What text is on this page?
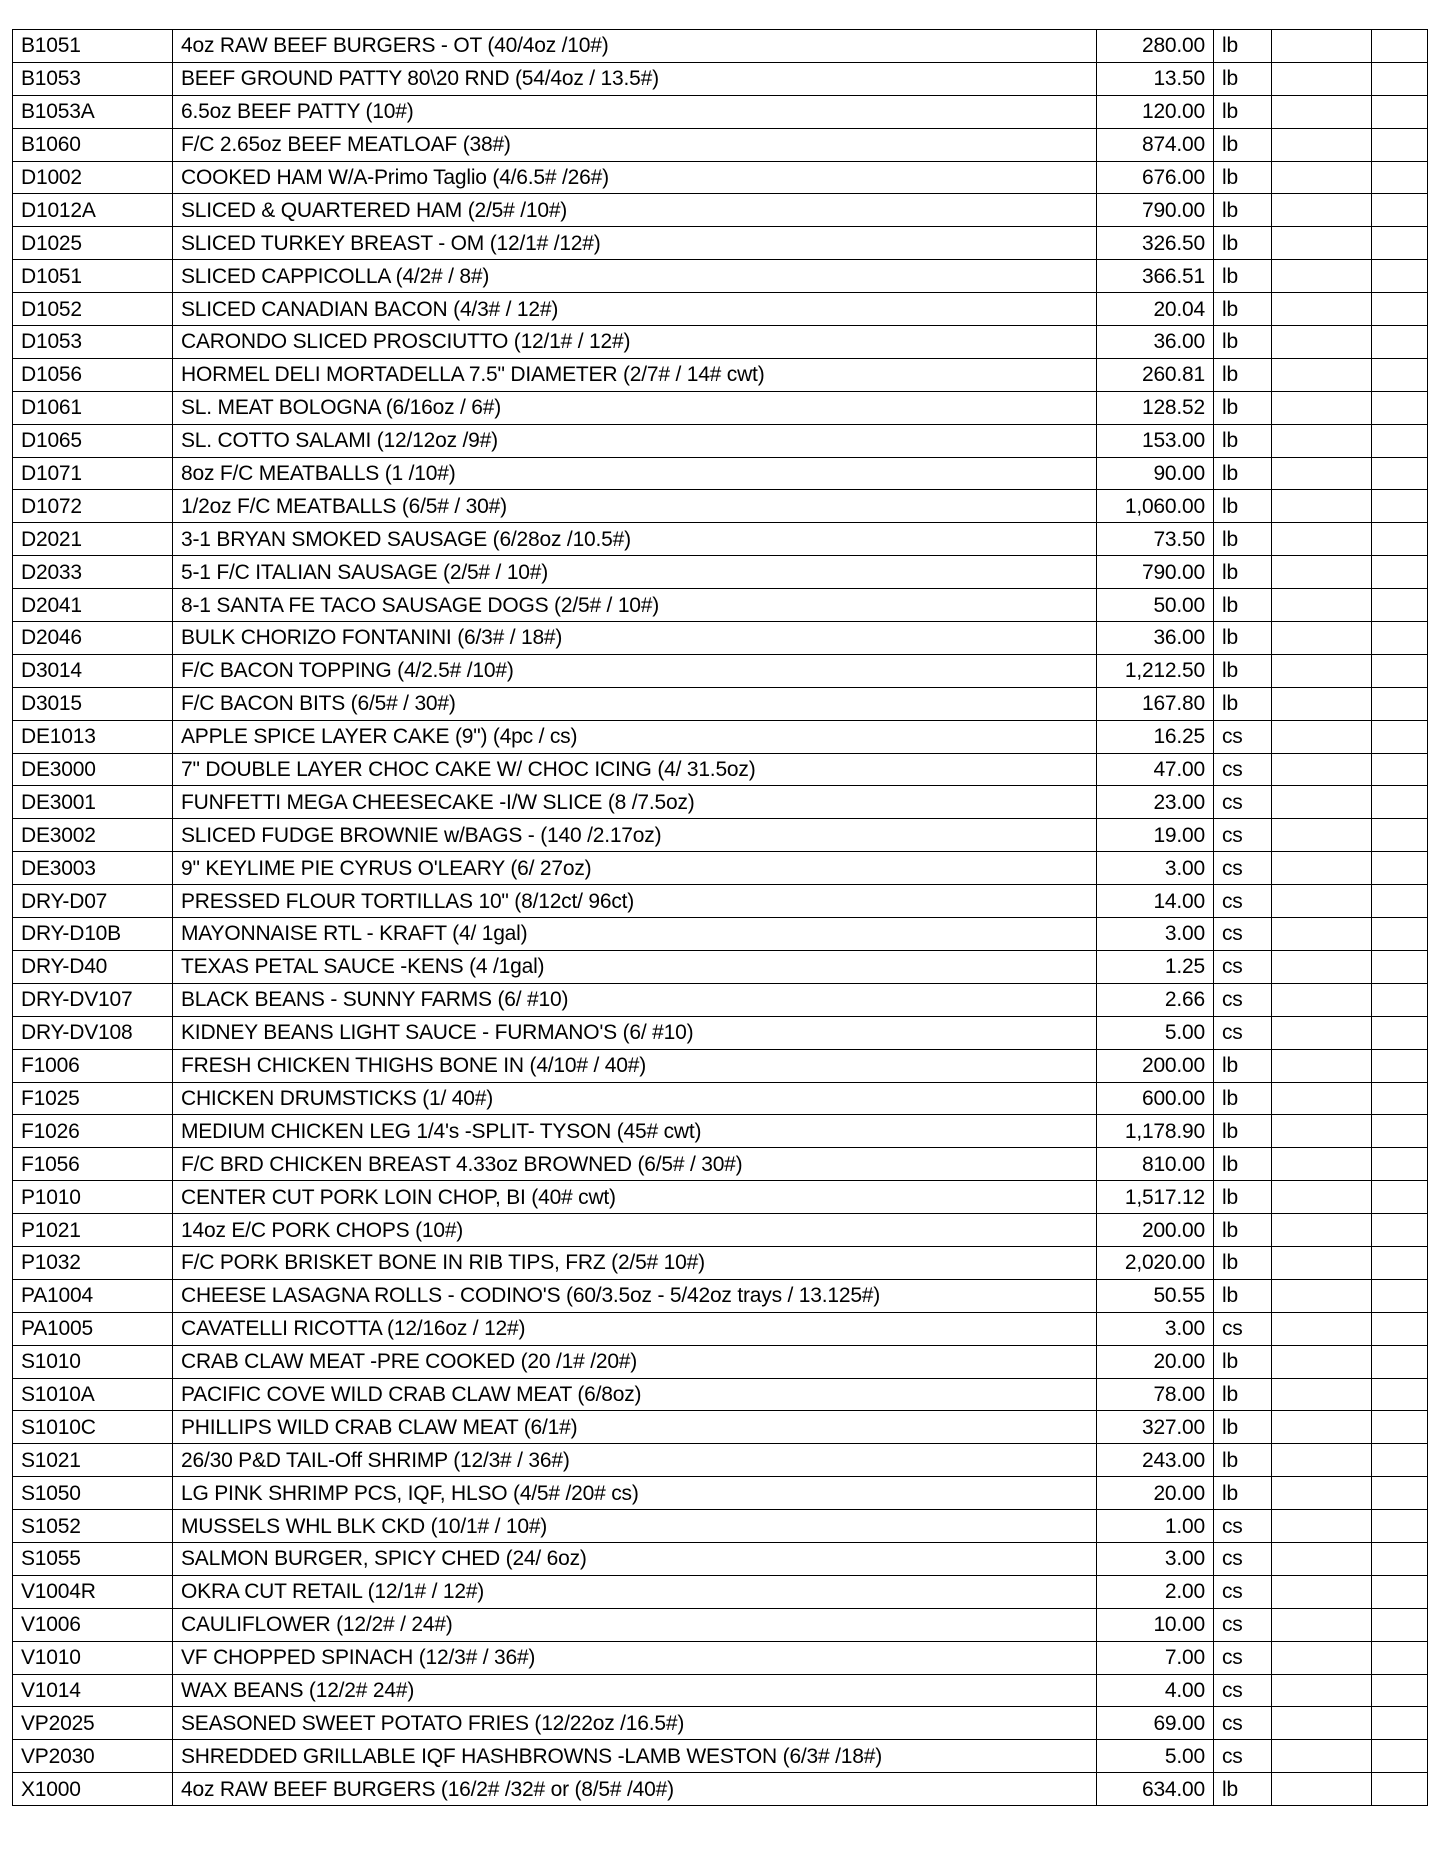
B1051	4oz RAW BEEF BURGERS - OT (40/4oz /10#)	280.00	lb		
B1053	BEEF GROUND PATTY 80\20 RND (54/4oz / 13.5#)	13.50	lb		
B1053A	6.5oz BEEF PATTY (10#)	120.00	lb		
B1060	F/C 2.65oz BEEF MEATLOAF (38#)	874.00	lb		
D1002	COOKED HAM W/A-Primo Taglio (4/6.5# /26#)	676.00	lb		
D1012A	SLICED & QUARTERED HAM (2/5# /10#)	790.00	lb		
D1025	SLICED TURKEY BREAST - OM (12/1# /12#)	326.50	lb		
D1051	SLICED CAPPICOLLA (4/2# / 8#)	366.51	lb		
D1052	SLICED CANADIAN BACON (4/3# / 12#)	20.04	lb		
D1053	CARONDO SLICED PROSCIUTTO (12/1# / 12#)	36.00	lb		
D1056	HORMEL DELI MORTADELLA 7.5" DIAMETER (2/7# / 14# cwt)	260.81	lb		
D1061	SL. MEAT BOLOGNA (6/16oz / 6#)	128.52	lb		
D1065	SL. COTTO SALAMI (12/12oz /9#)	153.00	lb		
D1071	8oz F/C MEATBALLS (1 /10#)	90.00	lb		
D1072	1/2oz F/C MEATBALLS (6/5# / 30#)	1,060.00	lb		
D2021	3-1 BRYAN SMOKED SAUSAGE (6/28oz /10.5#)	73.50	lb		
D2033	5-1 F/C ITALIAN SAUSAGE (2/5# / 10#)	790.00	lb		
D2041	8-1 SANTA FE TACO SAUSAGE DOGS (2/5# / 10#)	50.00	lb		
D2046	BULK CHORIZO FONTANINI (6/3# / 18#)	36.00	lb		
D3014	F/C BACON TOPPING (4/2.5# /10#)	1,212.50	lb		
D3015	F/C BACON BITS (6/5# / 30#)	167.80	lb		
DE1013	APPLE SPICE LAYER CAKE (9") (4pc / cs)	16.25	cs		
DE3000	7" DOUBLE LAYER CHOC CAKE W/ CHOC ICING (4/ 31.5oz)	47.00	cs		
DE3001	FUNFETTI MEGA CHEESECAKE -I/W SLICE (8 /7.5oz)	23.00	cs		
DE3002	SLICED FUDGE BROWNIE w/BAGS - (140 /2.17oz)	19.00	cs		
DE3003	9" KEYLIME PIE CYRUS O'LEARY (6/ 27oz)	3.00	cs		
DRY-D07	PRESSED FLOUR TORTILLAS 10" (8/12ct/ 96ct)	14.00	cs		
DRY-D10B	MAYONNAISE RTL - KRAFT (4/ 1gal)	3.00	cs		
DRY-D40	TEXAS PETAL SAUCE -KENS (4 /1gal)	1.25	cs		
DRY-DV107	BLACK BEANS - SUNNY FARMS (6/ #10)	2.66	cs		
DRY-DV108	KIDNEY BEANS LIGHT SAUCE - FURMANO'S (6/ #10)	5.00	cs		
F1006	FRESH CHICKEN THIGHS BONE IN (4/10# / 40#)	200.00	lb		
F1025	CHICKEN DRUMSTICKS (1/ 40#)	600.00	lb		
F1026	MEDIUM CHICKEN LEG 1/4's -SPLIT- TYSON (45# cwt)	1,178.90	lb		
F1056	F/C BRD CHICKEN BREAST 4.33oz BROWNED (6/5# / 30#)	810.00	lb		
P1010	CENTER CUT PORK LOIN CHOP, BI (40# cwt)	1,517.12	lb		
P1021	14oz E/C PORK CHOPS (10#)	200.00	lb		
P1032	F/C PORK BRISKET BONE IN RIB TIPS, FRZ (2/5# 10#)	2,020.00	lb		
PA1004	CHEESE LASAGNA ROLLS - CODINO'S (60/3.5oz - 5/42oz trays / 13.125#)	50.55	lb		
PA1005	CAVATELLI RICOTTA (12/16oz / 12#)	3.00	cs		
S1010	CRAB CLAW MEAT -PRE COOKED (20 /1# /20#)	20.00	lb		
S1010A	PACIFIC COVE WILD CRAB CLAW MEAT (6/8oz)	78.00	lb		
S1010C	PHILLIPS WILD CRAB CLAW MEAT (6/1#)	327.00	lb		
S1021	26/30 P&D TAIL-Off SHRIMP (12/3# / 36#)	243.00	lb		
S1050	LG PINK SHRIMP PCS, IQF, HLSO (4/5# /20# cs)	20.00	lb		
S1052	MUSSELS WHL BLK CKD (10/1# / 10#)	1.00	cs		
S1055	SALMON BURGER, SPICY CHED (24/ 6oz)	3.00	cs		
V1004R	OKRA CUT RETAIL (12/1# / 12#)	2.00	cs		
V1006	CAULIFLOWER (12/2# / 24#)	10.00	cs		
V1010	VF CHOPPED SPINACH (12/3# / 36#)	7.00	cs		
V1014	WAX BEANS (12/2# 24#)	4.00	cs		
VP2025	SEASONED SWEET POTATO FRIES (12/22oz /16.5#)	69.00	cs		
VP2030	SHREDDED GRILLABLE IQF HASHBROWNS -LAMB WESTON (6/3# /18#)	5.00	cs		
X1000	4oz RAW BEEF BURGERS (16/2# /32# or (8/5# /40#)	634.00	lb		
